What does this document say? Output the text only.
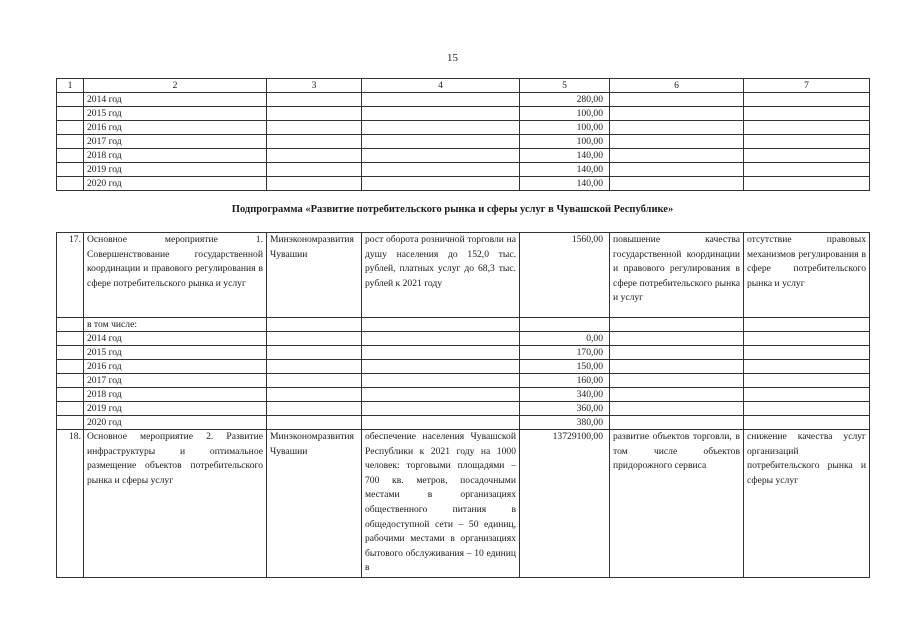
15
1	2	3	4	5	6	7
	2014 год			280,00		
	2015 год			100,00		
	2016 год			100,00		
	2017 год			100,00		
	2018 год			140,00		
	2019 год			140,00		
	2020 год			140,00		
Подпрограмма «Развитие потребительского рынка и сферы услуг в Чувашской Республике»
17.	Основное мероприятие 1. Совершенствование государственной координации и правового регулирования в сфере потребительского рынка и услуг	Минэкономразвития Чувашии	рост оборота розничной торговли на душу населения до 152,0 тыс. рублей, платных услуг до 68,3 тыс. рублей к 2021 году	1560,00	повышение качества государственной координации и правового регулирования в сфере потребительского рынка и услуг	отсутствие правовых механизмов регулирования в сфере потребительского рынка и услуг
	в том числе:					
	2014 год			0,00		
	2015 год			170,00		
	2016 год			150,00		
	2017 год			160,00		
	2018 год			340,00		
	2019 год			360,00		
	2020 год			380,00		
18.	Основное мероприятие 2. Развитие инфраструктуры и оптимальное размещение объектов потребительского рынка и сферы услуг	Минэкономразвития Чувашии	обеспечение населения Чувашской Республики к 2021 году на 1000 человек: торговыми площадями – 700 кв. метров, посадочными местами в организациях общественного питания в общедоступной сети – 50 единиц, рабочими местами в организациях бытового обслуживания – 10 единиц в	13729100,00	развитие объектов торговли, в том числе объектов придорожного сервиса	снижение качества услуг организаций потребительского рынка и сферы услуг
